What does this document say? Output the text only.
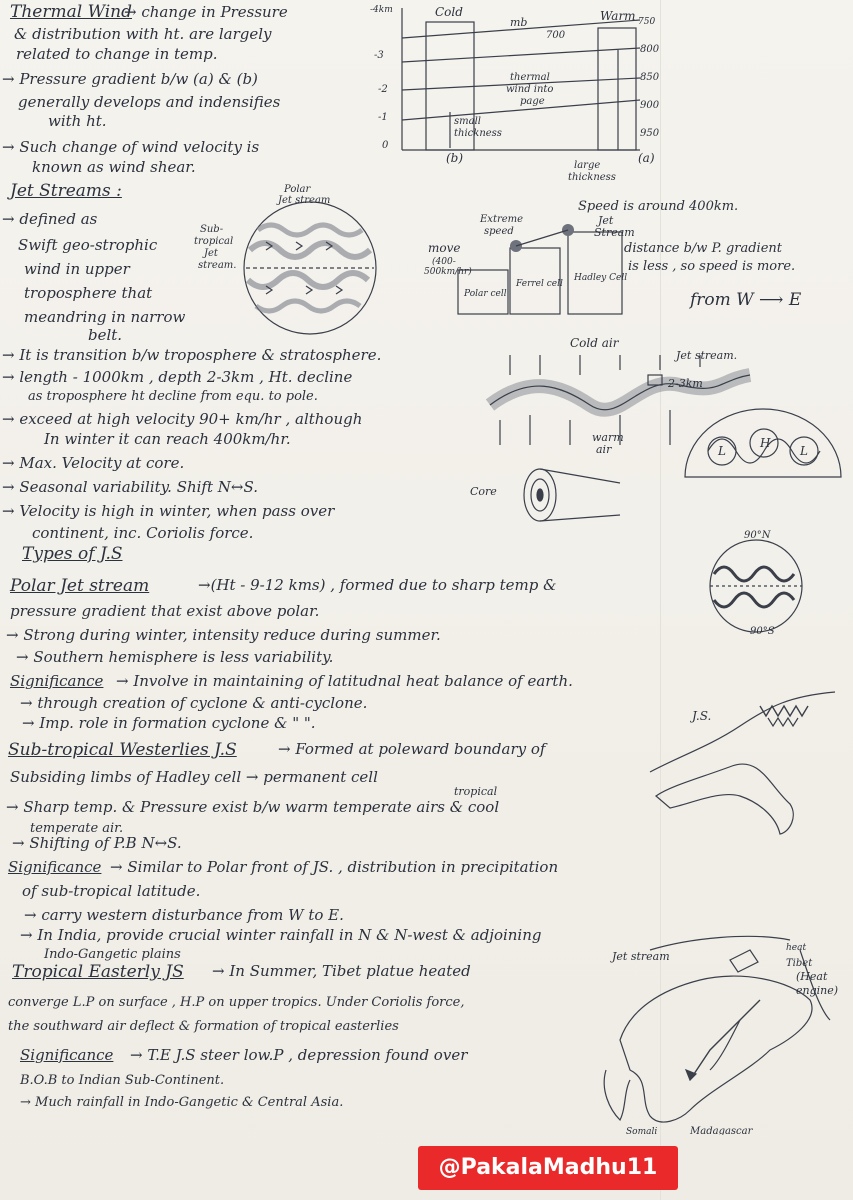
Thermal Wind
→ change in Pressure
& distribution with ht. are largely
related to change in temp.
→ Pressure gradient b/w (a) & (b)
generally develops and indensifies
with ht.
→ Such change of wind velocity is
known as wind shear.
Cold	Warm
mb
-4km
-3
-2
-1
0
750
700
800
850
900
950
thermal
wind into
page
small
thickness
(b)	(a)
large
thickness
Jet Streams :
→ defined as
Swift geo-strophic
wind in upper
troposphere that
meandring in narrow
belt.
→ It is transition b/w troposphere & stratosphere.
→ length - 1000km , depth 2-3km , Ht. decline
as troposphere ht decline from equ. to pole.
→ exceed at high velocity 90+ km/hr , although
In winter it can reach 400km/hr.
→ Max. Velocity at core.
→ Seasonal variability. Shift N↔S.
→ Velocity is high in winter, when pass over
continent, inc. Coriolis force.
Polar
Jet stream
Sub-
tropical
Jet
stream.
Extreme
speed
Jet
Stream
move
(400-
500km/hr)
Polar cell
Ferrel cell
Hadley Cell
Speed is around 400km.
distance b/w P. gradient
is less , so speed is more.
from W ⟶ E
Cold air
Jet stream.
2-3km
warm
air
Core
L
H
L
90°N
90°S
Types of J.S
Polar Jet stream	→(Ht - 9-12 kms) , formed due to sharp temp &
pressure gradient that exist above polar.
→ Strong during winter, intensity reduce during summer.
→ Southern hemisphere is less variability.
Significance → Involve in maintaining of latitudnal heat balance of earth.
→ through creation of cyclone & anti-cyclone.
→ Imp. role in formation cyclone & " ".
Sub-tropical Westerlies J.S	→ Formed at poleward boundary of
Subsiding limbs of Hadley cell → permanent cell
tropical
→ Sharp temp. & Pressure exist b/w warm temperate airs & cool
temperate air.
→ Shifting of P.B N↔S.
Significance → Similar to Polar front of JS. , distribution in precipitation
of sub-tropical latitude.
→ carry western disturbance from W to E.
→ In India, provide crucial winter rainfall in N & N-west & adjoining
Indo-Gangetic plains
J.S.
Tropical Easterly JS → In Summer, Tibet platue heated
converge L.P on surface , H.P on upper tropics. Under Coriolis force,
the southward air deflect & formation of tropical easterlies
Significance → T.E J.S steer low.P , depression found over
B.O.B to Indian Sub-Continent.
→ Much rainfall in Indo-Gangetic & Central Asia.
Jet stream
heat
Tibet
(Heat
engine)
Somali	Madagascar
@PakalaMadhu11
